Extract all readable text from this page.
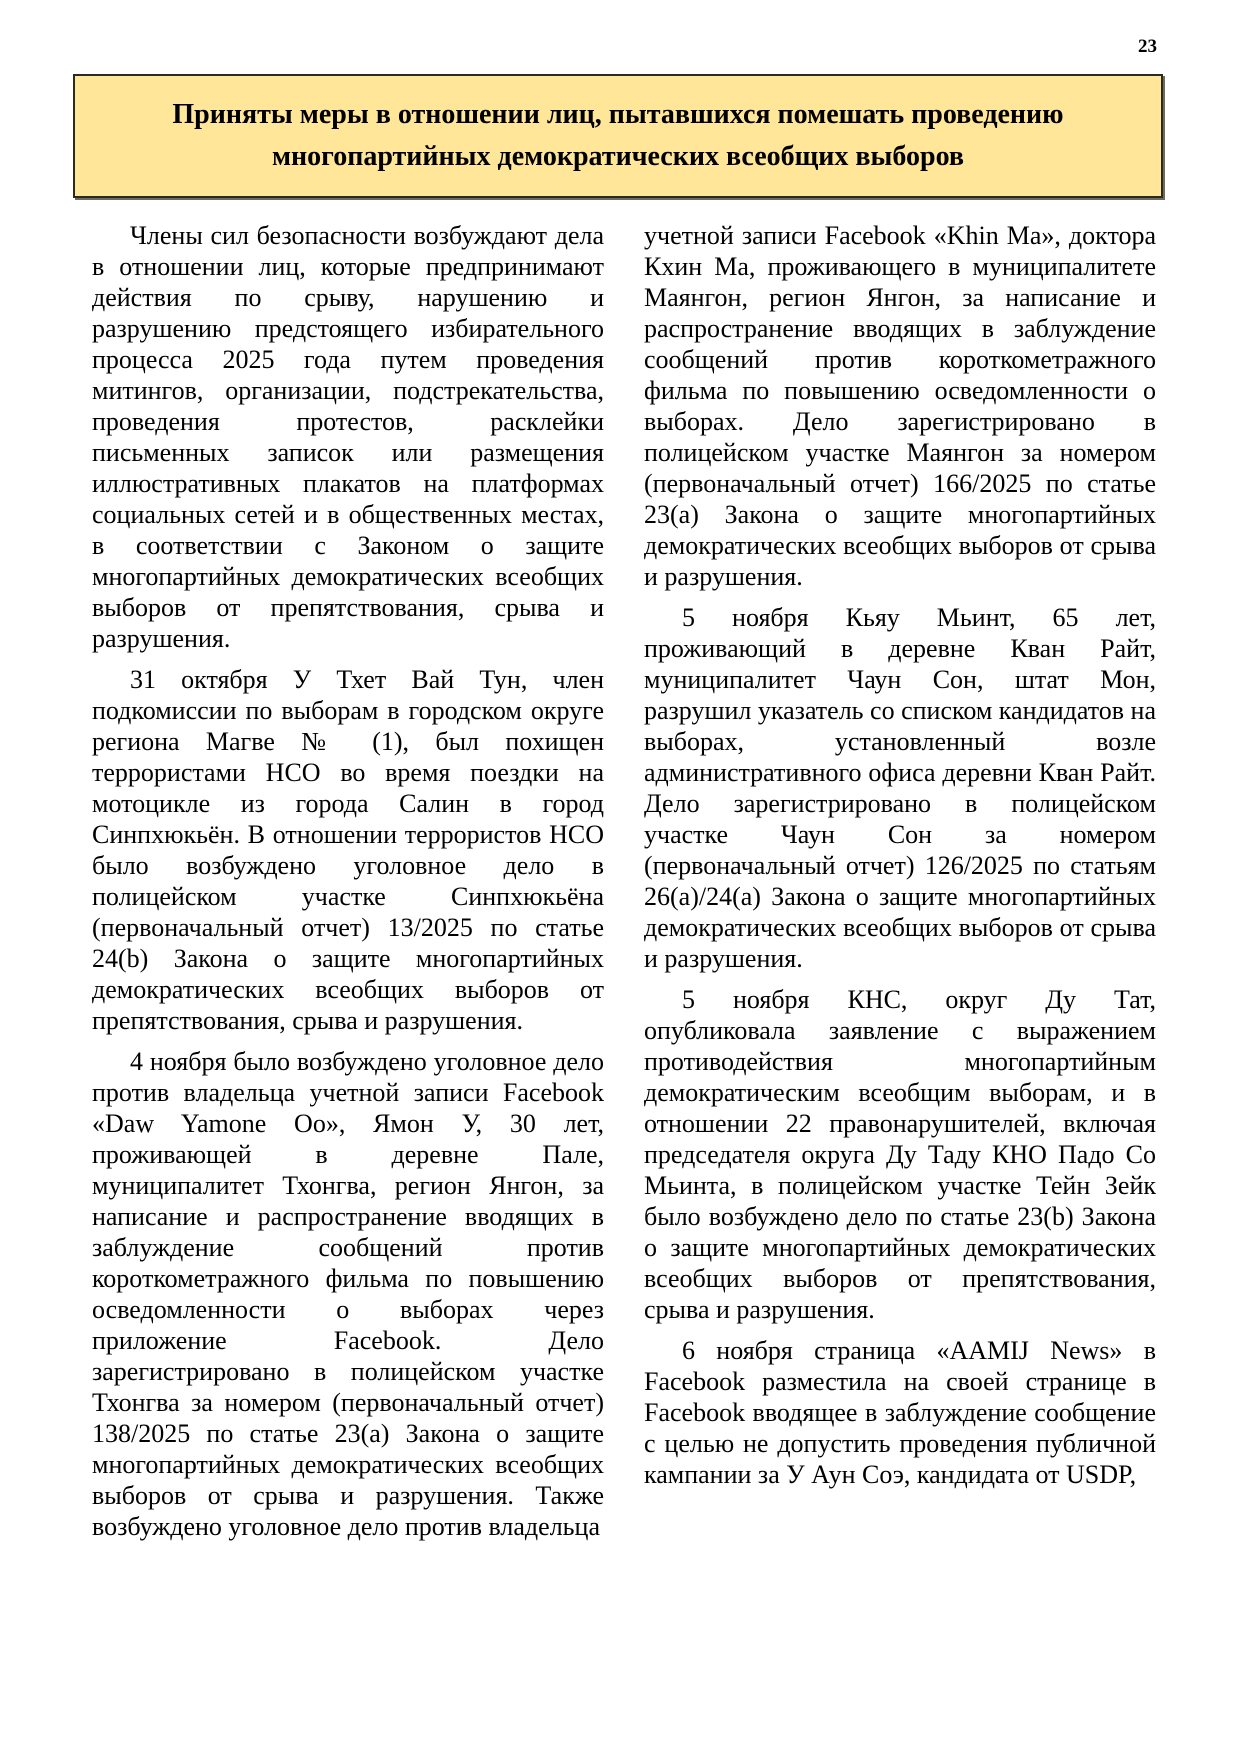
23
Приняты меры в отношении лиц, пытавшихся помешать проведению
многопартийных демократических всеобщих выборов

Члены сил безопасности возбуждают дела в отношении лиц, которые предпринимают действия по срыву, нарушению и разрушению предстоящего избирательного процесса 2025 года путем проведения митингов, организации, подстрекательства, проведения протестов, расклейки письменных записок или размещения иллюстративных плакатов на платформах социальных сетей и в общественных местах, в соответствии с Законом о защите многопартийных демократических всеобщих выборов от препятствования, срыва и разрушения.

31 октября У Тхет Вай Тун, член подкомиссии по выборам в городском округе региона Магве № (1), был похищен террористами НСО во время поездки на мотоцикле из города Салин в город Синпхюкьён. В отношении террористов НСО было возбуждено уголовное дело в полицейском участке Синпхюкьёна (первоначальный отчет) 13/2025 по статье 24(b) Закона о защите многопартийных демократических всеобщих выборов от препятствования, срыва и разрушения.

4 ноября было возбуждено уголовное дело против владельца учетной записи Facebook «Daw Yamone Oo», Ямон У, 30 лет, проживающей в деревне Пале, муниципалитет Тхонгва, регион Янгон, за написание и распространение вводящих в заблуждение сообщений против короткометражного фильма по повышению осведомленности о выборах через приложение Facebook. Дело зарегистрировано в полицейском участке Тхонгва за номером (первоначальный отчет) 138/2025 по статье 23(a) Закона о защите многопартийных демократических всеобщих выборов от срыва и разрушения. Также возбуждено уголовное дело против владельца

учетной записи Facebook «Khin Ma», доктора Кхин Ма, проживающего в муниципалитете Маянгон, регион Янгон, за написание и распространение вводящих в заблуждение сообщений против короткометражного фильма по повышению осведомленности о выборах. Дело зарегистрировано в полицейском участке Маянгон за номером (первоначальный отчет) 166/2025 по статье 23(a) Закона о защите многопартийных демократических всеобщих выборов от срыва и разрушения.

5 ноября Кьяу Мьинт, 65 лет, проживающий в деревне Кван Райт, муниципалитет Чаун Сон, штат Мон, разрушил указатель со списком кандидатов на выборах, установленный возле административного офиса деревни Кван Райт. Дело зарегистрировано в полицейском участке Чаун Сон за номером (первоначальный отчет) 126/2025 по статьям 26(a)/24(a) Закона о защите многопартийных демократических всеобщих выборов от срыва и разрушения.

5 ноября КНС, округ Ду Тат, опубликовала заявление с выражением противодействия многопартийным демократическим всеобщим выборам, и в отношении 22 правонарушителей, включая председателя округа Ду Таду КНО Падо Со Мьинта, в полицейском участке Тейн Зейк было возбуждено дело по статье 23(b) Закона о защите многопартийных демократических всеобщих выборов от препятствования, срыва и разрушения.

6 ноября страница «AAMIJ News» в Facebook разместила на своей странице в Facebook вводящее в заблуждение сообщение с целью не допустить проведения публичной кампании за У Аун Соэ, кандидата от USDP,
